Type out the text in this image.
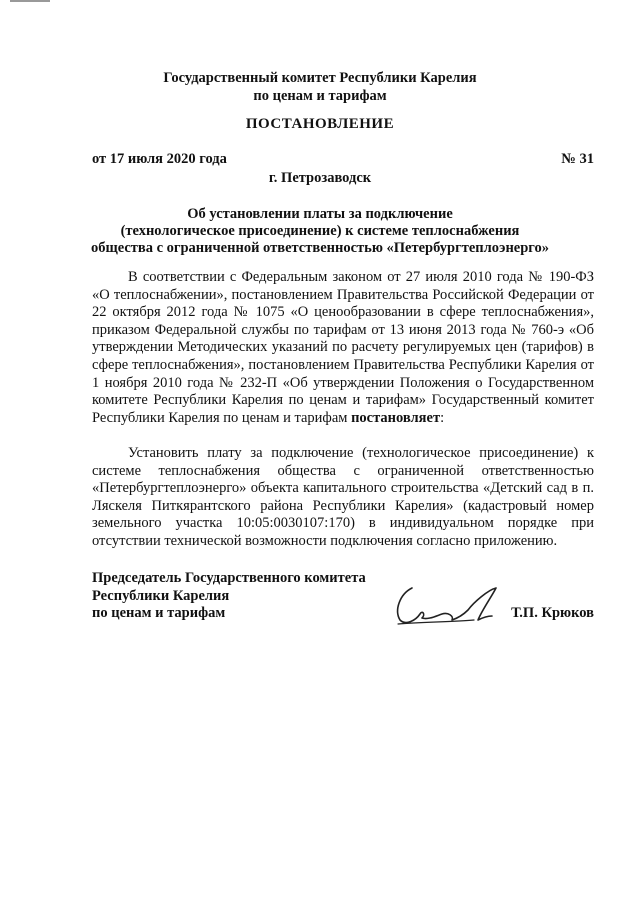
Государственный комитет Республики Карелия
по ценам и тарифам
ПОСТАНОВЛЕНИЕ
от 17 июля 2020 года	№ 31
г. Петрозаводск
Об установлении платы за подключение
(технологическое присоединение) к системе теплоснабжения
общества с ограниченной ответственностью «Петербургтеплоэнерго»
В соответствии с Федеральным законом от 27 июля 2010 года № 190-ФЗ «О теплоснабжении», постановлением Правительства Российской Федерации от 22 октября 2012 года № 1075 «О ценообразовании в сфере теплоснабжения», приказом Федеральной службы по тарифам от 13 июня 2013 года № 760-э «Об утверждении Методических указаний по расчету регулируемых цен (тарифов) в сфере теплоснабжения», постановлением Правительства Республики Карелия от 1 ноября 2010 года № 232-П «Об утверждении Положения о Государственном комитете Республики Карелия по ценам и тарифам» Государственный комитет Республики Карелия по ценам и тарифам постановляет:
Установить плату за подключение (технологическое присоединение) к системе теплоснабжения общества с ограниченной ответственностью «Петербургтеплоэнерго» объекта капитального строительства «Детский сад в п. Ляскеля Питкярантского района Республики Карелия» (кадастровый номер земельного участка 10:05:0030107:170) в индивидуальном порядке при отсутствии технической возможности подключения согласно приложению.
Председатель Государственного комитета
Республики Карелия
по ценам и тарифам	Т.П. Крюков
